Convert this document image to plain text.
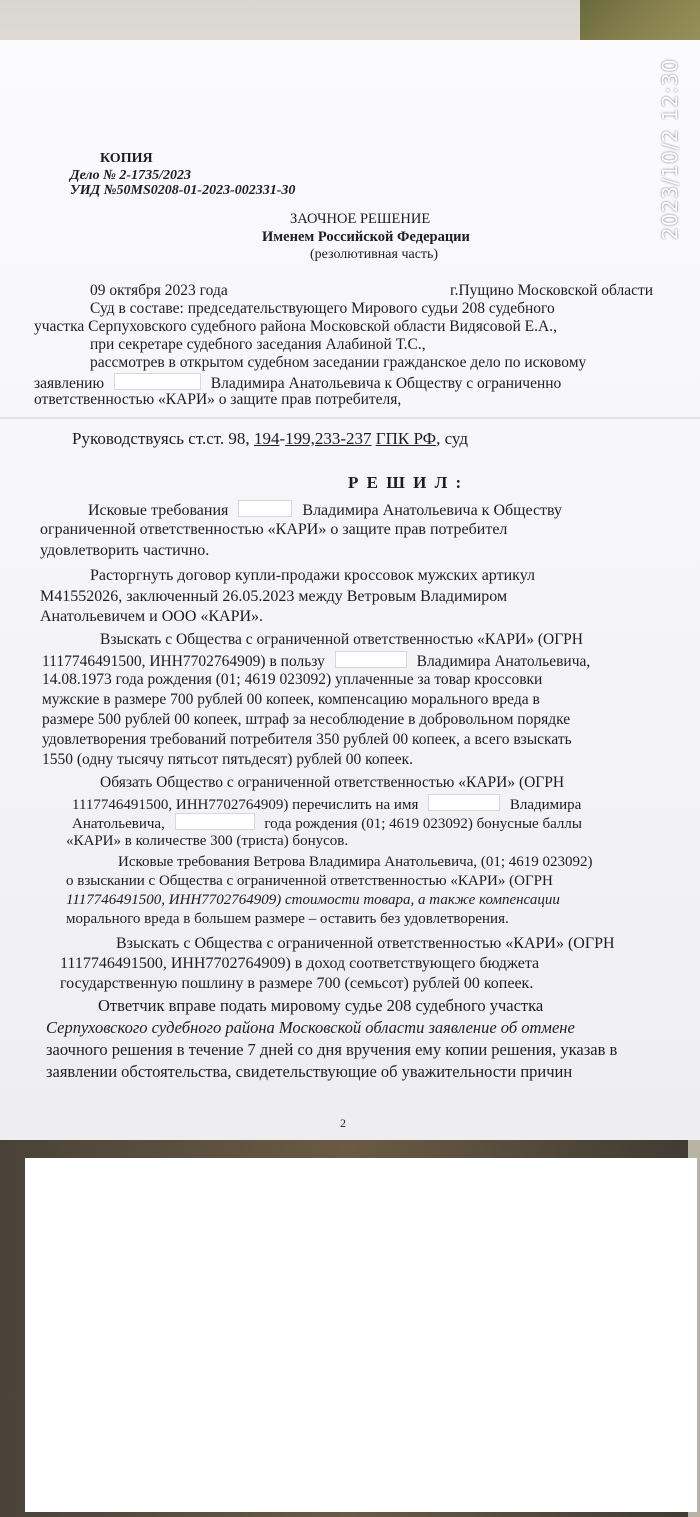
2023/10/2 12:30
КОПИЯ
Дело № 2-1735/2023
УИД №50MS0208-01-2023-002331-30
ЗАОЧНОЕ РЕШЕНИЕ
Именем Российской Федерации
(резолютивная часть)
09 октября 2023 года	г.Пущино Московской области
Суд в составе: председательствующего Мирового судьи 208 судебного
участка Серпуховского судебного района Московской области Видясовой Е.А.,
при секретаре судебного заседания Алабиной Т.С.,
рассмотрев в открытом судебном заседании гражданское дело по исковому
заявлению	Владимира Анатольевича к Обществу с ограниченно
ответственностью «КАРИ» о защите прав потребителя,
Руководствуясь ст.ст. 98, 194-199,233-237 ГПК РФ, суд
Р Е Ш И Л :
Исковые требования	Владимира Анатольевича к Обществу
ограниченной ответственностью «КАРИ» о защите прав потребител
удовлетворить частично.
Расторгнуть договор купли-продажи кроссовок мужских артикул
M41552026, заключенный 26.05.2023 между Ветровым Владимиром
Анатольевичем и ООО «КАРИ».
Взыскать с Общества с ограниченной ответственностью «КАРИ» (ОГРН
1117746491500, ИНН7702764909) в пользу	Владимира Анатольевича,
14.08.1973 года рождения (01; 4619 023092) уплаченные за товар кроссовки
мужские в размере 700 рублей 00 копеек, компенсацию морального вреда в
размере 500 рублей 00 копеек, штраф за несоблюдение в добровольном порядке
удовлетворения требований потребителя 350 рублей 00 копеек, а всего взыскать
1550 (одну тысячу пятьсот пятьдесят) рублей 00 копеек.
Обязать Общество с ограниченной ответственностью «КАРИ» (ОГРН
1117746491500, ИНН7702764909) перечислить на имя	Владимира
Анатольевича,	года рождения (01; 4619 023092) бонусные баллы
«КАРИ» в количестве 300 (триста) бонусов.
Исковые требования Ветрова Владимира Анатольевича, (01; 4619 023092)
о взыскании с Общества с ограниченной ответственностью «КАРИ» (ОГРН
1117746491500, ИНН7702764909) стоимости товара, а также компенсации
морального вреда в большем размере – оставить без удовлетворения.
Взыскать с Общества с ограниченной ответственностью «КАРИ» (ОГРН
1117746491500, ИНН7702764909) в доход соответствующего бюджета
государственную пошлину в размере 700 (семьсот) рублей 00 копеек.
Ответчик вправе подать мировому судье 208 судебного участка
Серпуховского судебного района Московской области заявление об отмене
заочного решения в течение 7 дней со дня вручения ему копии решения, указав в
заявлении обстоятельства, свидетельствующие об уважительности причин
2
